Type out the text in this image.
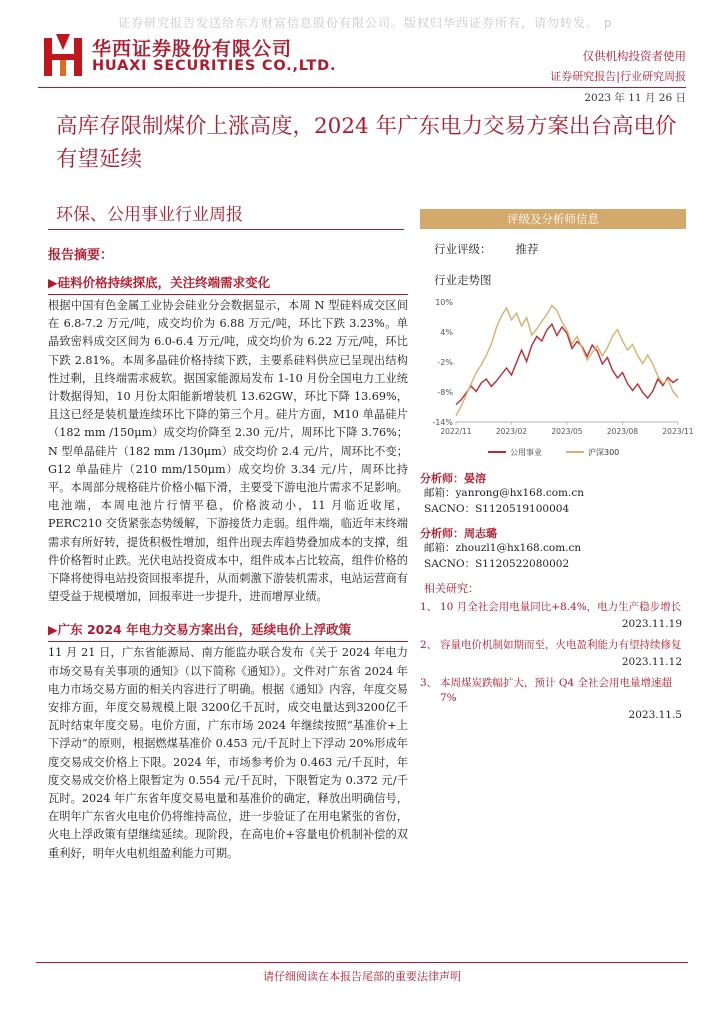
证券研究报告发送给东方财富信息股份有限公司。版权归华西证券所有，请勿转发。 p
华西证券股份有限公司
HUAXI SECURITIES CO.,LTD.
仅供机构投资者使用
证券研究报告|行业研究周报
2023 年 11 月 26 日
高库存限制煤价上涨高度，2024 年广东电力交易方案出台高电价有望延续
环保、公用事业行业周报
报告摘要：
▶硅料价格持续探底，关注终端需求变化

根据中国有色金属工业协会硅业分会数据显示，本周 N 型硅料成交区间在 6.8-7.2 万元/吨，成交均价为 6.88 万元/吨，环比下跌 3.23%。单晶致密料成交区间为 6.0-6.4 万元/吨，成交均价为 6.22 万元/吨，环比下跌 2.81%。本周多晶硅价格持续下跌，主要系硅料供应已呈现出结构性过剩，且终端需求疲软。据国家能源局发布 1-10 月份全国电力工业统计数据得知，10 月份太阳能新增装机 13.62GW，环比下降 13.69%，且这已经是装机量连续环比下降的第三个月。硅片方面，M10 单晶硅片（182 mm /150μm）成交均价降至 2.30 元/片，周环比下降 3.76%；N 型单晶硅片（182 mm /130μm）成交均价 2.4 元/片，周环比不变；G12 单晶硅片（210 mm/150μm）成交均价 3.34 元/片，周环比持平。本周部分规格硅片价格小幅下滑，主要受下游电池片需求不足影响。电池端，本周电池片行情平稳，价格波动小，11 月临近收尾，PERC210 交货紧张态势缓解，下游接货力走弱。组件端，临近年末终端需求有所好转，提货积极性增加，组件出现去库趋势叠加成本的支撑，组件价格暂时止跌。光伏电站投资成本中，组件成本占比较高，组件价格的下降将使得电站投资回报率提升，从而刺激下游装机需求，电站运营商有望受益于规模增加，回报率进一步提升，进而增厚业绩。

▶广东 2024 年电力交易方案出台，延续电价上浮政策

11 月 21 日，广东省能源局、南方能监办联合发布《关于 2024 年电力市场交易有关事项的通知》（以下简称《通知》）。文件对广东省 2024 年电力市场交易方面的相关内容进行了明确。根据《通知》内容，年度交易安排方面，年度交易规模上限 3200亿千瓦时，成交电量达到3200亿千瓦时结束年度交易。电价方面，广东市场 2024 年继续按照“基准价+上下浮动”的原则，根据燃煤基准价 0.453 元/千瓦时上下浮动 20%形成年度交易成交价格上下限。2024 年，市场参考价为 0.463 元/千瓦时，年度交易成交价格上限暂定为 0.554 元/千瓦时，下限暂定为 0.372 元/千瓦时。2024 年广东省年度交易电量和基准价的确定，释放出明确信号，在明年广东省火电电价仍将维持高位，进一步验证了在用电紧张的省份，火电上浮政策有望继续延续。现阶段，在高电价+容量电价机制补偿的双重利好，明年火电机组盈利能力可期。

评级及分析师信息
行业评级： 推荐
行业走势图
10%
4%
-2%
-8%
-14%
2022/11	2023/02	2023/05	2023/08	2023/11
公用事业	沪深300
分析师：晏溶
邮箱：yanrong@hx168.com.cn
SACNO：S1120519100004
分析师：周志璐
邮箱：zhouzl1@hx168.com.cn
SACNO：S1120522080002
相关研究：
1、 10 月全社会用电量同比+8.4%，电力生产稳步增长
2023.11.19
2、 容量电价机制如期而至，火电盈利能力有望持续修复
2023.11.12
3、 本周煤炭跌幅扩大，预计 Q4 全社会用电量增速超 7%
2023.11.5
请仔细阅读在本报告尾部的重要法律声明
